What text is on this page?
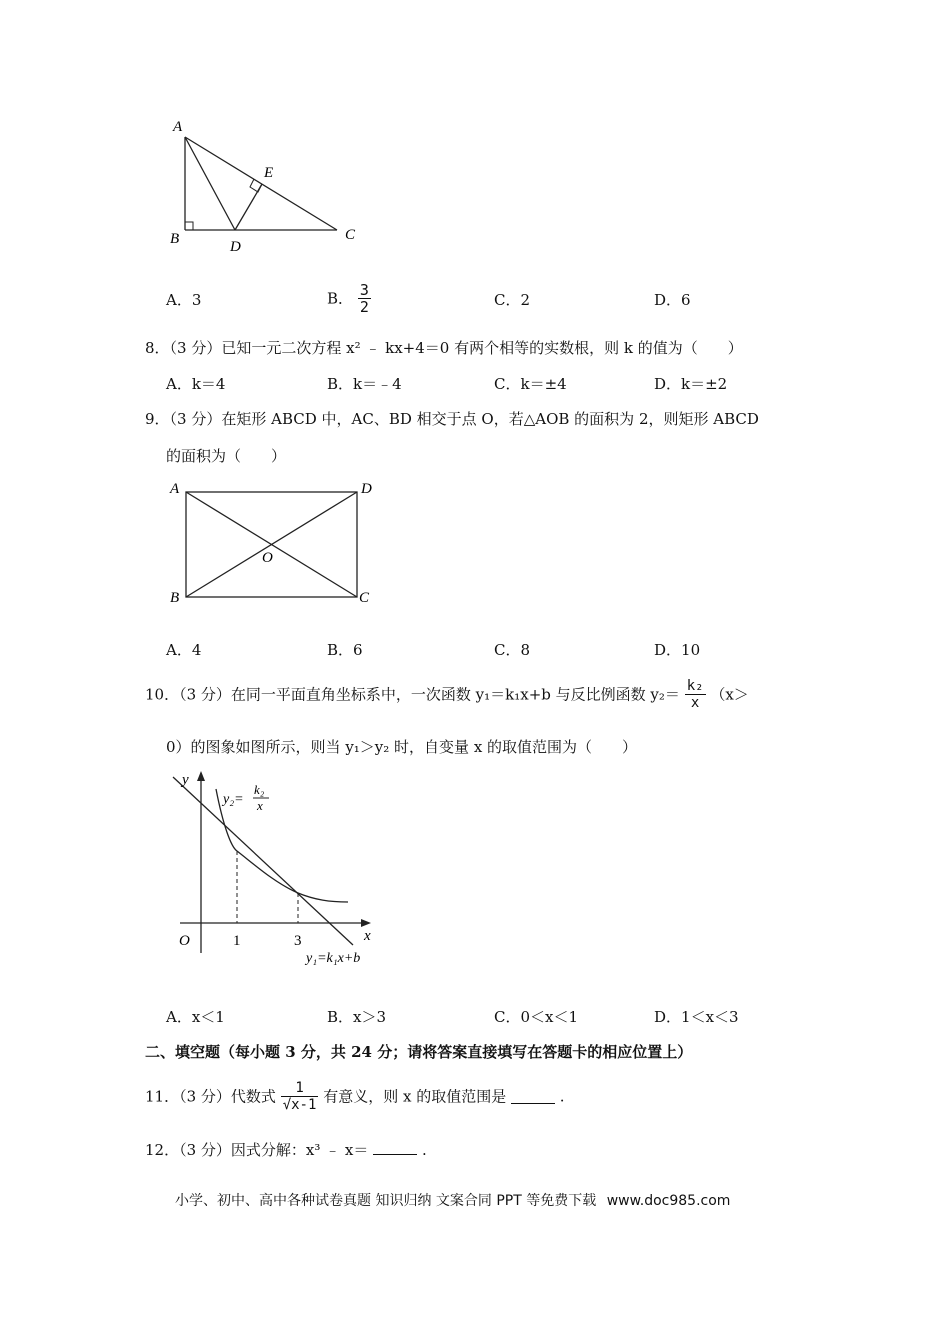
A
E
B	D
C
A．3	B． $\frac{3}{2}$	C．2	D．6
8．（3 分）已知一元二次方程 x² ﹣ kx+4＝0 有两个相等的实数根，则 k 的值为（　　）
A．k＝4	B．k＝﹣4	C．k＝±4	D．k＝±2
9．（3 分）在矩形 ABCD 中，AC、BD 相交于点 O，若△AOB 的面积为 2，则矩形 ABCD
的面积为（　　）
A	D
O
B	C
A．4	B．6	C．8	D．10
10．（3 分）在同一平面直角坐标系中，一次函数 y₁＝k₁x+b 与反比例函数 $y_2= \frac{\text{k₂}}{x} (x>$
0）的图象如图所示，则当 y₁＞y₂ 时，自变量 x 的取值范围为（　　）
y
x
O	1	3
y₂=
k₂
x
y₁=k₁x+b
A．x＜1	B．x＞3	C．0＜x＜1	D．1＜x＜3
二、填空题（每小题 3 分，共 24 分；请将答案直接填写在答题卡的相应位置上）
11．（3 分）代数式 $\frac{1}{√x-1}$ 有意义，则 x 的取值范围是	.
12．（3 分）因式分解：x³ ﹣ x＝	.
小学、初中、高中各种试卷真题 知识归纳 文案合同 PPT 等免费下载 www.doc985.com
